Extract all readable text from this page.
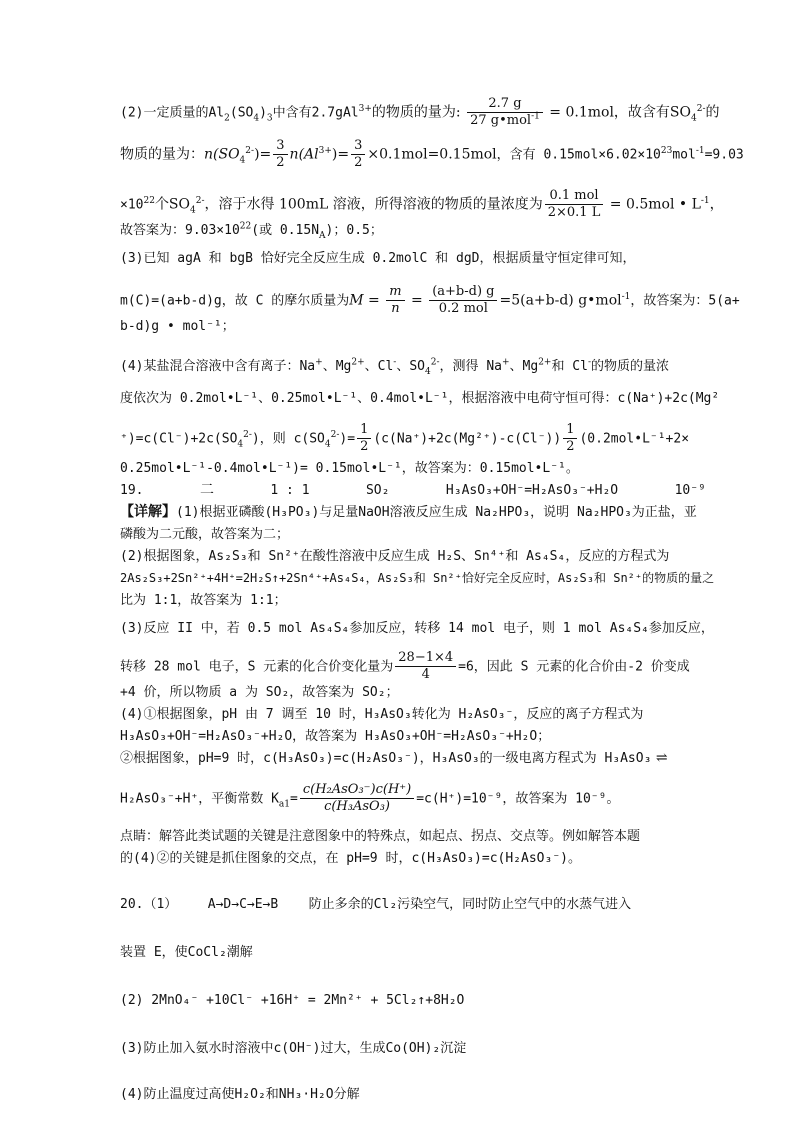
(2)一定质量的$Al_2(SO_4)_3$中含有2.7gAl$^{3+}$的物质的量为: $\frac{2.7 g}{27 g•mol^{-1}} = 0.1mol$，故含有$SO_4^{2-}$的
物质的量为：$n(SO_4^{2-})= \frac{3}{2} n(Al^{3+})= \frac{3}{2} \times 0.1mol=0.15mol$，含有 $0.15mol\times 6.02\times 10^{23}mol^{-1}=9.03$
$\times 10^{22}$个$SO_4^{2-}$，溶于水得 100mL 溶液，所得溶液的物质的量浓度为 $\frac{\text{0.1 mol}}{2\times 0.1 L} = 0.5mol$ • $L^{-1}$，
故答案为：$9.03\times 10^{22}$(或 $0.15N_A$)；0.5；
(3)已知 agA 和 bgB 恰好完全反应生成 0.2molC 和 dgD，根据质量守恒定律可知，
m(C)=(a+b-d)g，故 C 的摩尔质量为$M = \frac{m}{n} = \frac{(a+b-d) g}{\text{0.2 mol}} =5(a+b-d)$ g•mol$^{-1}$，故答案为：5(a+
b-d)g • mol⁻¹；
(4)某盐混合溶液中含有离子：Na+、$Mg^{2+}$、Cl-、$SO_4^{2-}$，测得 Na+、$Mg^{2+}$和 Cl-的物质的量浓
度依次为 0.2mol•L⁻¹、0.25mol•L⁻¹、0.4mol•L⁻¹，根据溶液中电荷守恒可得：c(Na⁺)+2c(Mg²
$^+)=c(Cl^-)+2c(SO_4^{2-})$，则 $c(SO_4^{2-})= \frac{1}{2} (c(Na^+)+2c(Mg^{2+})-c(Cl^-)) \frac{1}{2}$ (0.2mol•L⁻¹+2×
0.25mol•L⁻¹-0.4mol•L⁻¹)= 0.15mol•L⁻¹，故答案为：0.15mol•L⁻¹。
19.	二	1 : 1	SO₂	H₃AsO₃+OH⁻=H₂AsO₃⁻+H₂O	10⁻⁹
【详解】(1)根据亚磷酸(H₃PO₃)与足量NaOH溶液反应生成 Na₂HPO₃，说明 Na₂HPO₃为正盐，亚
磷酸为二元酸，故答案为二；
(2)根据图象，As₂S₃和 Sn²⁺在酸性溶液中反应生成 H₂S、Sn⁴⁺和 As₄S₄，反应的方程式为
2As₂S₃+2Sn²⁺+4H⁺=2H₂S↑+2Sn⁴⁺+As₄S₄，As₂S₃和 Sn²⁺恰好完全反应时，As₂S₃和 Sn²⁺的物质的量之
比为 1:1，故答案为 1:1；
(3)反应 II 中，若 0.5 mol As₄S₄参加反应，转移 14 mol 电子，则 1 mol As₄S₄参加反应，
转移 28 mol 电子，S 元素的化合价变化量为 $\frac{28-1\times 4}{4} =6$，因此 S 元素的化合价由-2 价变成
+4 价，所以物质 a 为 SO₂，故答案为 SO₂；
(4)①根据图象，pH 由 7 调至 10 时，H₃AsO₃转化为 H₂AsO₃⁻，反应的离子方程式为
H₃AsO₃+OH⁻=H₂AsO₃⁻+H₂O，故答案为 H₃AsO₃+OH⁻=H₂AsO₃⁻+H₂O；
②根据图象，pH=9 时，c(H₃AsO₃)=c(H₂AsO₃⁻)，H₃AsO₃的一级电离方程式为 H₃AsO₃ ⇌
H₂AsO₃⁻+H⁺，平衡常数 $K_{a1}= \frac{\text{c(H₂AsO₃⁻)c(H⁺)}}{\text{c(H₃AsO₃)}} =c(H^+)=10^{-9}$，故答案为 10⁻⁹。
点睛：解答此类试题的关键是注意图象中的特殊点，如起点、拐点、交点等。例如解答本题
的(4)②的关键是抓住图象的交点，在 pH=9 时，c(H₃AsO₃)=c(H₂AsO₃⁻)。
20.（1） A→D→C→E→B 防止多余的Cl₂污染空气，同时防止空气中的水蒸气进入
装置 E，使CoCl₂潮解
(2) 2MnO₄⁻ +10Cl⁻ +16H⁺ = 2Mn²⁺ + 5Cl₂↑+8H₂O
(3)防止加入氨水时溶液中c(OH⁻)过大，生成Co(OH)₂沉淀
(4)防止温度过高使H₂O₂和NH₃·H₂O分解
